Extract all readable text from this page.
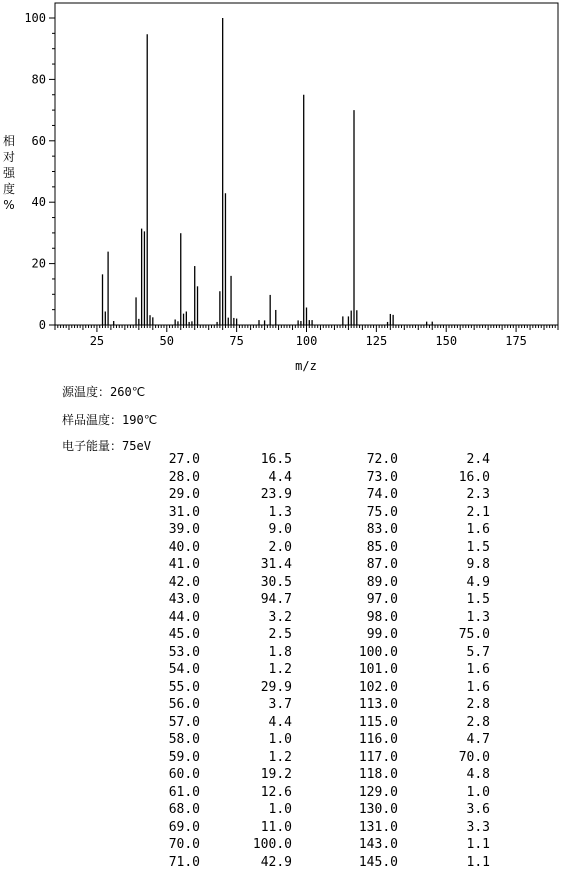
25	50	75	100	125	150	175
0
20
40
60
80
100
m/z
相对强度%
源温度：260℃
样品温度：190℃
电子能量：75eV
27.0	16.5	72.0	2.4
28.0	4.4	73.0	16.0
29.0	23.9	74.0	2.3
31.0	1.3	75.0	2.1
39.0	9.0	83.0	1.6
40.0	2.0	85.0	1.5
41.0	31.4	87.0	9.8
42.0	30.5	89.0	4.9
43.0	94.7	97.0	1.5
44.0	3.2	98.0	1.3
45.0	2.5	99.0	75.0
53.0	1.8	100.0	5.7
54.0	1.2	101.0	1.6
55.0	29.9	102.0	1.6
56.0	3.7	113.0	2.8
57.0	4.4	115.0	2.8
58.0	1.0	116.0	4.7
59.0	1.2	117.0	70.0
60.0	19.2	118.0	4.8
61.0	12.6	129.0	1.0
68.0	1.0	130.0	3.6
69.0	11.0	131.0	3.3
70.0	100.0	143.0	1.1
71.0	42.9	145.0	1.1
